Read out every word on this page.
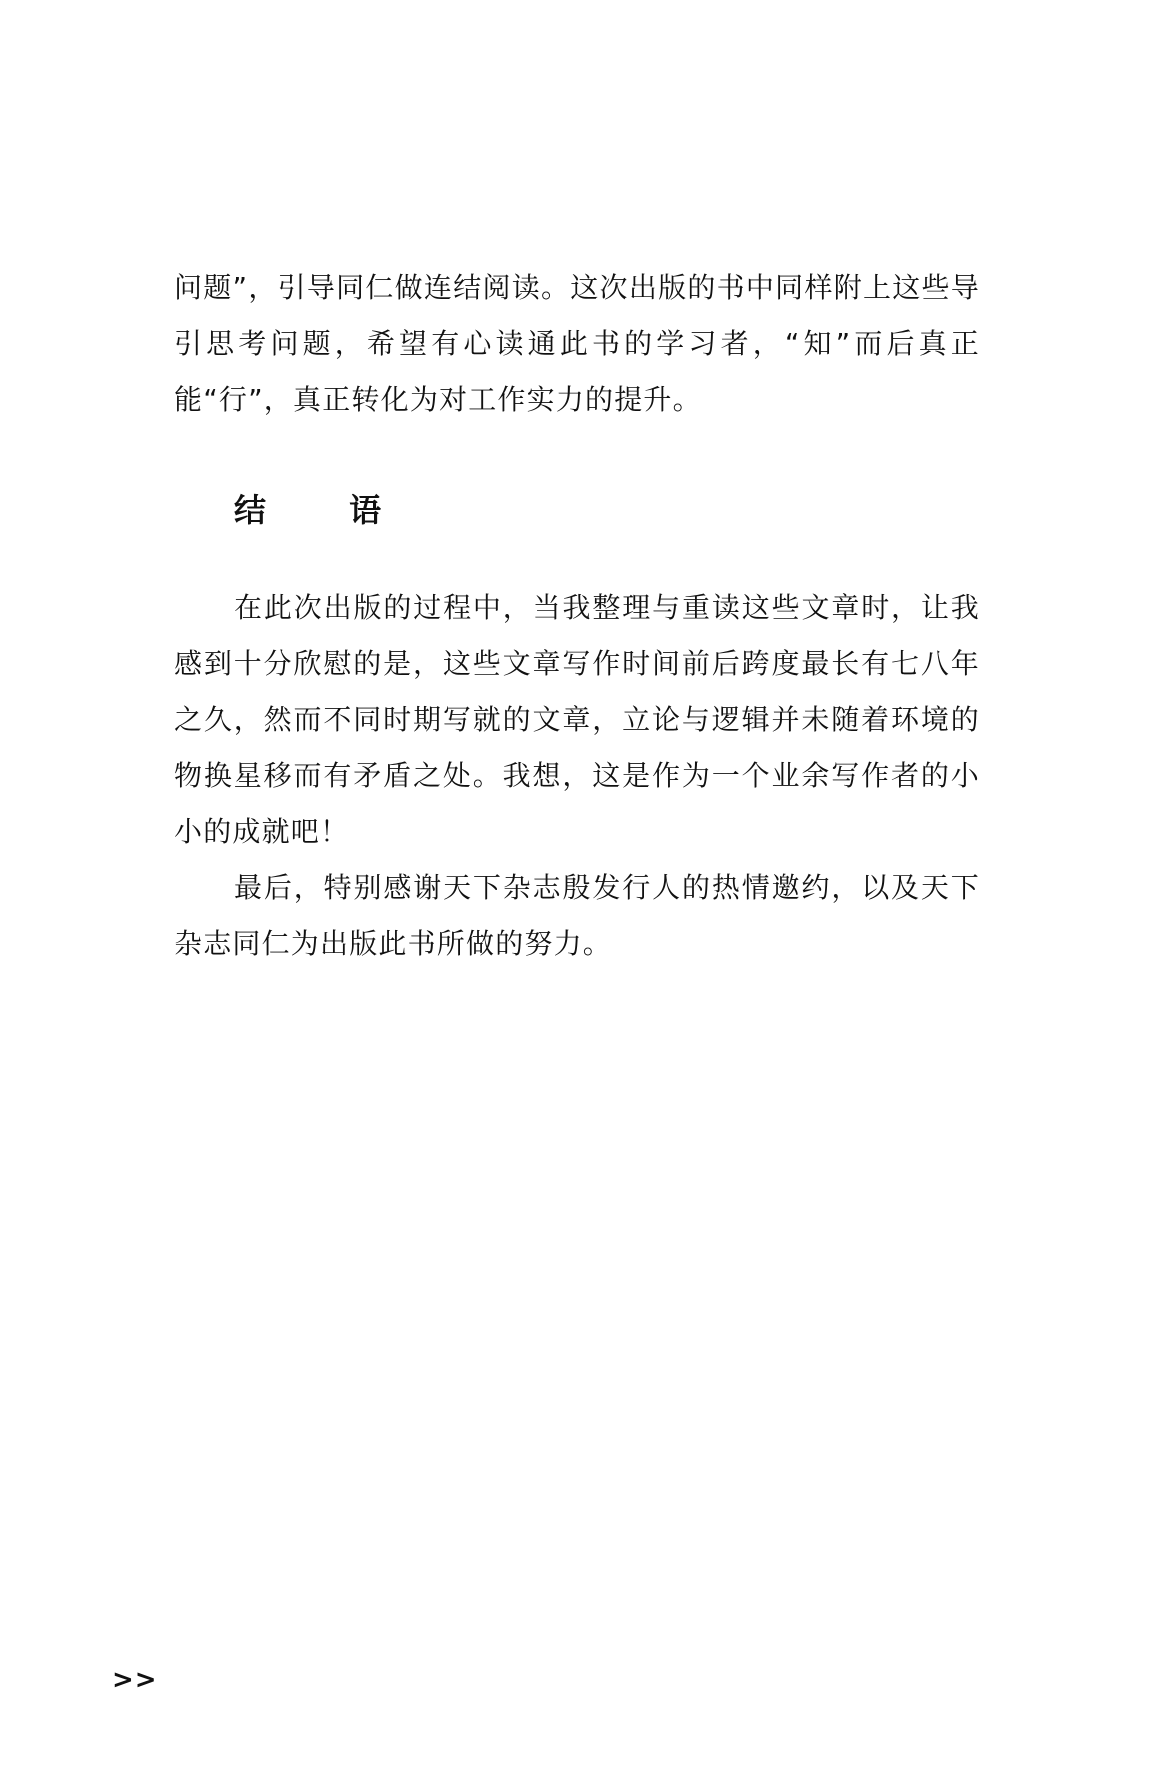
问题”，引导同仁做连结阅读。这次出版的书中同样附上这些导引思考问题，希望有心读通此书的学习者，“知”而后真正能“行”，真正转化为对工作实力的提升。

结 语

在此次出版的过程中，当我整理与重读这些文章时，让我感到十分欣慰的是，这些文章写作时间前后跨度最长有七八年之久，然而不同时期写就的文章，立论与逻辑并未随着环境的物换星移而有矛盾之处。我想，这是作为一个业余写作者的小小的成就吧！

最后，特别感谢天下杂志殷发行人的热情邀约，以及天下杂志同仁为出版此书所做的努力。

>>
